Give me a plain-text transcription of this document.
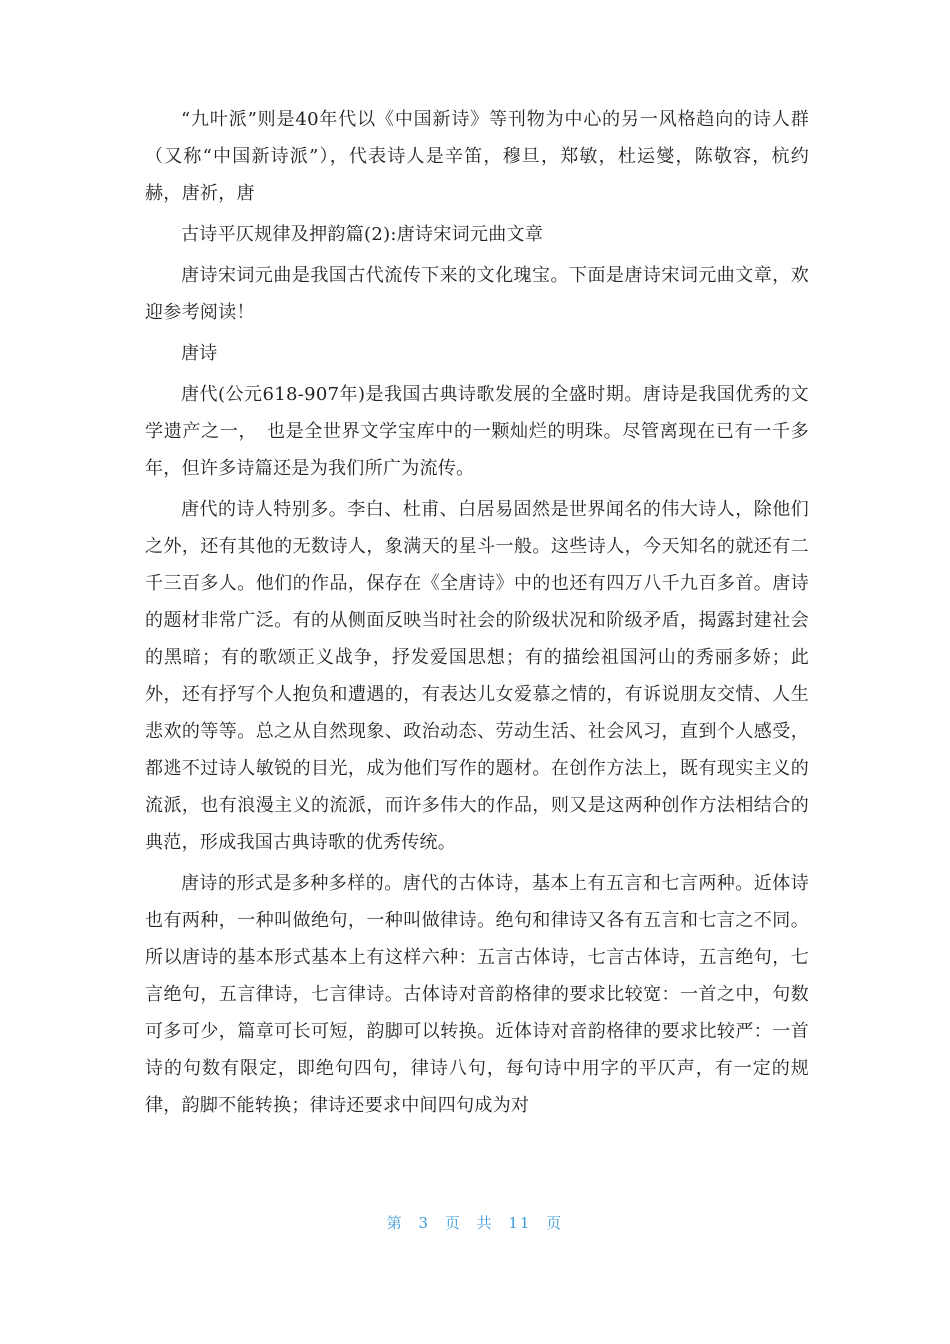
“九叶派”则是40年代以《中国新诗》等刊物为中心的另一风格趋向的诗人群（又称“中国新诗派”），代表诗人是辛笛，穆旦，郑敏，杜运燮，陈敬容，杭约赫，唐祈，唐

古诗平仄规律及押韵篇(2):唐诗宋词元曲文章

唐诗宋词元曲是我国古代流传下来的文化瑰宝。下面是唐诗宋词元曲文章，欢迎参考阅读！

唐诗

唐代(公元618-907年)是我国古典诗歌发展的全盛时期。唐诗是我国优秀的文学遗产之一，　也是全世界文学宝库中的一颗灿烂的明珠。尽管离现在已有一千多年，但许多诗篇还是为我们所广为流传。

唐代的诗人特别多。李白、杜甫、白居易固然是世界闻名的伟大诗人，除他们之外，还有其他的无数诗人，象满天的星斗一般。这些诗人，今天知名的就还有二千三百多人。他们的作品，保存在《全唐诗》中的也还有四万八千九百多首。唐诗的题材非常广泛。有的从侧面反映当时社会的阶级状况和阶级矛盾，揭露封建社会的黑暗；有的歌颂正义战争，抒发爱国思想；有的描绘祖国河山的秀丽多娇；此外，还有抒写个人抱负和遭遇的，有表达儿女爱慕之情的，有诉说朋友交情、人生悲欢的等等。总之从自然现象、政治动态、劳动生活、社会风习，直到个人感受，都逃不过诗人敏锐的目光，成为他们写作的题材。在创作方法上，既有现实主义的流派，也有浪漫主义的流派，而许多伟大的作品，则又是这两种创作方法相结合的典范，形成我国古典诗歌的优秀传统。

唐诗的形式是多种多样的。唐代的古体诗，基本上有五言和七言两种。近体诗也有两种，一种叫做绝句，一种叫做律诗。绝句和律诗又各有五言和七言之不同。所以唐诗的基本形式基本上有这样六种：五言古体诗，七言古体诗，五言绝句，七言绝句，五言律诗，七言律诗。古体诗对音韵格律的要求比较宽：一首之中，句数可多可少，篇章可长可短，韵脚可以转换。近体诗对音韵格律的要求比较严：一首诗的句数有限定，即绝句四句，律诗八句，每句诗中用字的平仄声，有一定的规律，韵脚不能转换；律诗还要求中间四句成为对

第 3 页 共 11 页
